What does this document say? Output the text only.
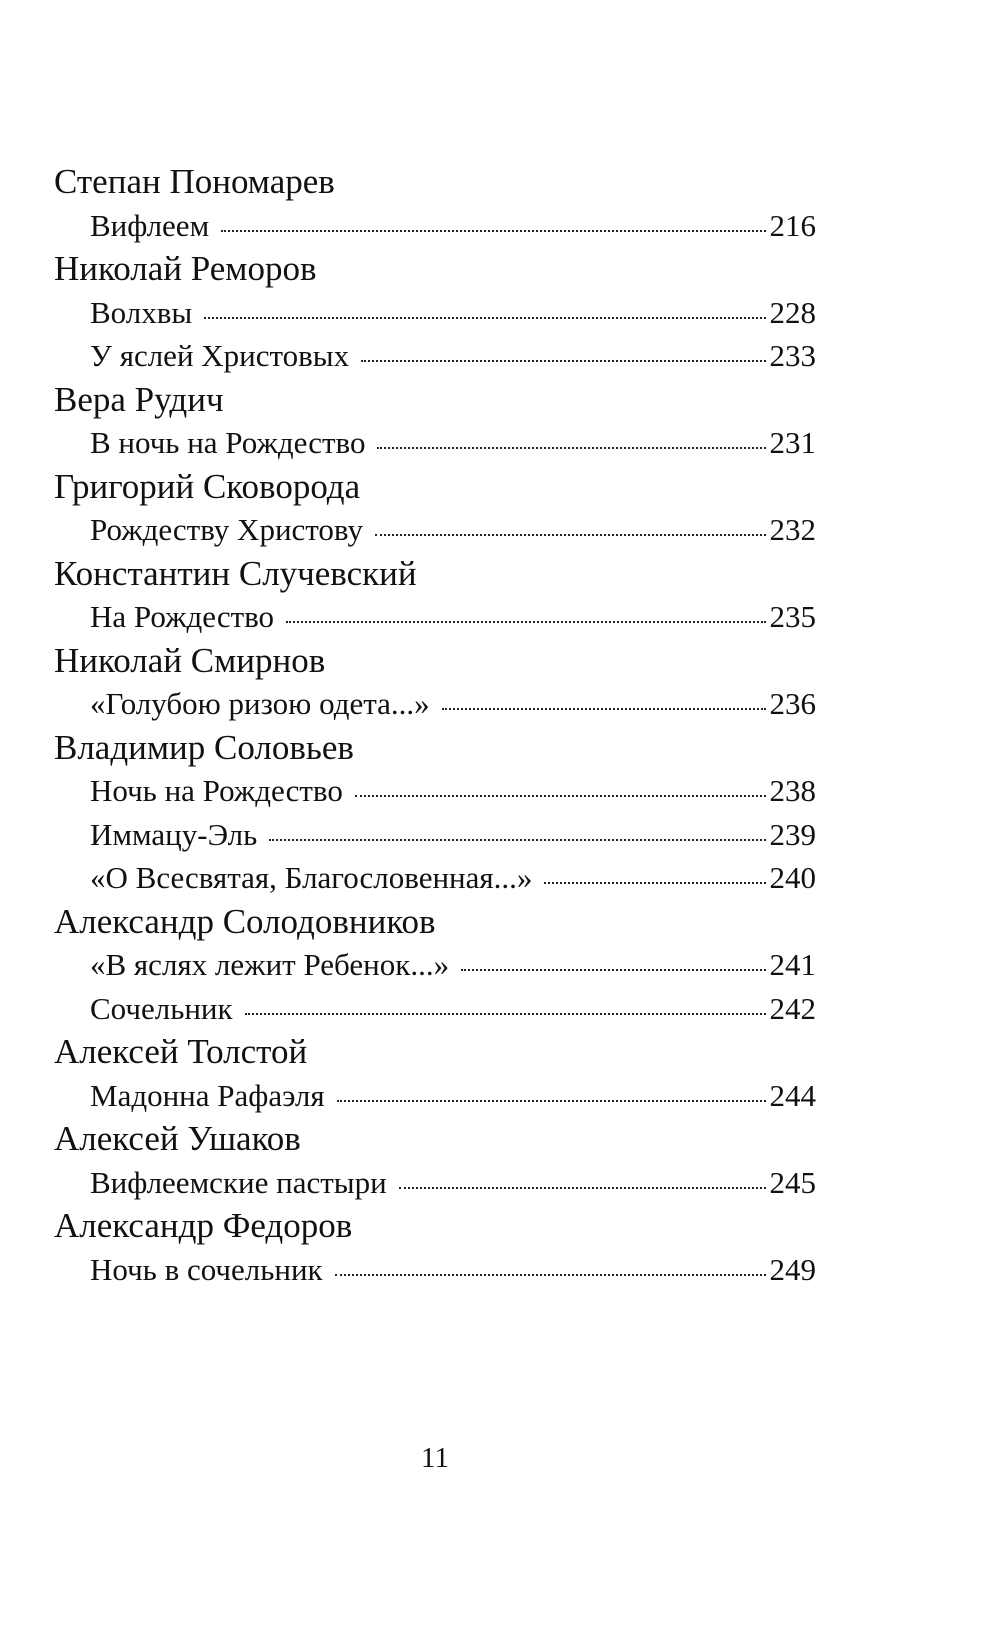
Степан Пономарев
Вифлеем	216
Николай Реморов
Волхвы	228
У яслей Христовых	233
Вера Рудич
В ночь на Рождество	231
Григорий Сковорода
Рождеству Христову	232
Константин Случевский
На Рождество	235
Николай Смирнов
«Голубою ризою одета...»	236
Владимир Соловьев
Ночь на Рождество	238
Иммацу-Эль	239
«О Всесвятая, Благословенная...»	240
Александр Солодовников
«В яслях лежит Ребенок...»	241
Сочельник	242
Алексей Толстой
Мадонна Рафаэля	244
Алексей Ушаков
Вифлеемские пастыри	245
Александр Федоров
Ночь в сочельник	249
11
